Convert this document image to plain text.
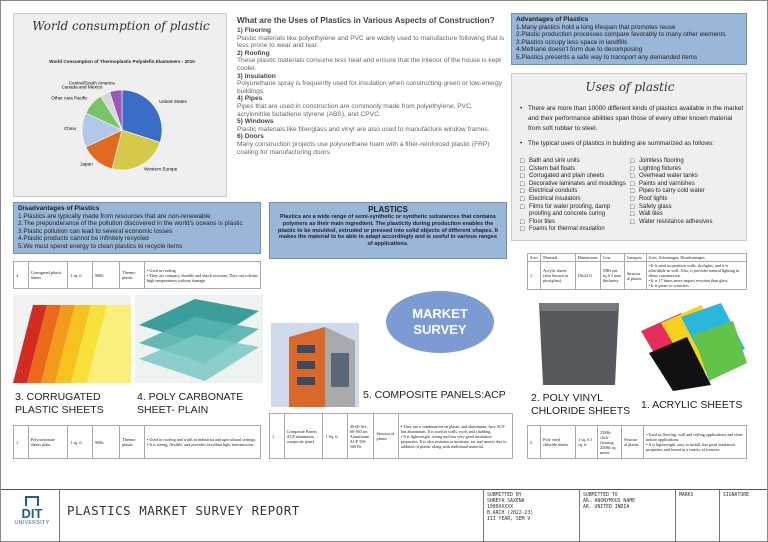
World consumption of plastic
World Consumption of Thermoplastic Polyolefin Elastomers - 2010
United States
Western Europe
Japan
China
Other Asia Pacific
Canada and Mexico
Central/South America
What are the Uses of Plastics in Various Aspects of Construction?
1) Flooring
Plastic materials like polyethylene and PVC are widely used to manufacture following that is less prone to wear and tear.
2) Roofing
These plastic materials consume less heat and ensure that the interior of the house is kept cooler.
3) Insulation
Polyurethane spray is frequently used for insulation when constructing green or low-energy buildings.
4) Pipes
Pipes that are used in construction are commonly made from polyethylene, PVC, acrylonitrile butadiene styrene (ABS), and CPVC.
5) Windows
Plastic materials like fiberglass and vinyl are also used to manufacture window frames.
6) Doors
Many construction projects use polyurethane foam with a fiber-reinforced plastic (FRP) coating for manufacturing doors.
Advantages of Plastics
1.Many plastics hold a long lifespan that promotes reuse
2.Plastic production processes compare favorably to many other elements
3.Plastics occupy less space in landfills
4.Methane doesn't form due to decomposing
5.Plastics presents a safe way to transport any demanded items
Uses of plastic
• There are more than 10000 different kinds of plastics available in the market and their performance abilities span those of every other known material from soft rubber to steel.
• The typical uses of plastics in building are summarized as follows:
□ Bath and sink units
□ Cistern ball floats
□ Corrugated and plain sheets
□ Decorative laminates and mouldings
□ Electrical conduits
□ Electrical insulators
□ Films for water proofing, damp proofing and concrete curing
□ Floor tiles
□ Foams for thermal insulation
□ Jointless flooring
□ Lighting fixtures
□ Overhead water tanks
□ Paints and varnishes
□ Pipes to carry cold water
□ Roof lights
□ Safety glass
□ Wall tiles
□ Water resistance adhesives
Disadvantages of Plastics
1.Plastics are typically made from resources that are non-renewable
2.The preponderance of the pollution discovered in the world's oceans is plastic
3.Plastic pollution can lead to several economic losses
4.Plastic products cannot be infinitely recycled
5.We must spend energy to clean plastics to recycle items
PLASTICS
Plastics are a wide range of semi-synthetic or synthetic substances that contains polymers as their main ingredient. The plasticity during production enables the plastic to be moulded, extruded or pressed into solid objects of different shapes. It makes the material to be able to adapt accordingly and is useful in various ranges of applications.
4	Corrugated plastic sheets	1 sq. ft	90Rs	Thermo plastic	• Used in roofing
• They are compact, durable and shock resistant. They can tolerate high temperatures without damage.
S.no	Material	Dimensions	Cost	Category	Uses, Advantages, Disadvantages
1	Acrylic sheets (also known as plexiglass)	18x24 ft	35Rs per sq ft 3 mm thickness	Structur al plastic	• It is used in partition walls, skylights, and it is affordable as well. Also, it provides natural lighting in dense construction.
• It is 17 times more impact resistant than glass.
• It is prone to scratches.
MARKET SURVEY
3. CORRUGATED PLASTIC SHEETS
4. POLY CARBONATE SHEET- PLAIN
5. COMPOSITE PANELS:ACP	2. POLY VINYL CHLORIDE SHEETS 1. ACRYLIC SHEETS
1	Polycarbonate sheets plain	1 sq. ft	90Rs	Thermo plastic	• Used in roofing and walls in industrial and agricultural settings.
• It is strong, flexible, and provides excellent light transmission.
1	Composite Panels ACP aluminium composite panel	1 Sq. ft	40-60 Arc, 60-160 arc Aluminium ACP 350-500 Rs	Structur al plastic	• They are a combination on plastic and aluminium, here ACP has aluminium. It is used in walls, roofs and cladding.
• It is lightweight, strong and has very good insulation properties. It is also resistant to moisture, rot and insects due to addition of plastic along with traditional material.
2	Poly vinyl chloride sheets	1 sq. ft 1 sq. ft	250Rs click flooring 250Rs sq meter	Structur al plastic	• Used in flooring, wall and ceiling applications and other indoor applications.
• It is lightweight, easy to install, has good insulation properties and found in a variety of textures.
DIT
UNIVERSITY
PLASTICS MARKET SURVEY REPORT
SUBMITTED BY
SHREYA SAXENA
1000XXXXX
B.ARCH (2022-23)
III YEAR, SEM V
SUBMITTED TO
AR. ANONYMOUS NAME
AR. UNITED INDIA
MARKS	SIGNATURE
